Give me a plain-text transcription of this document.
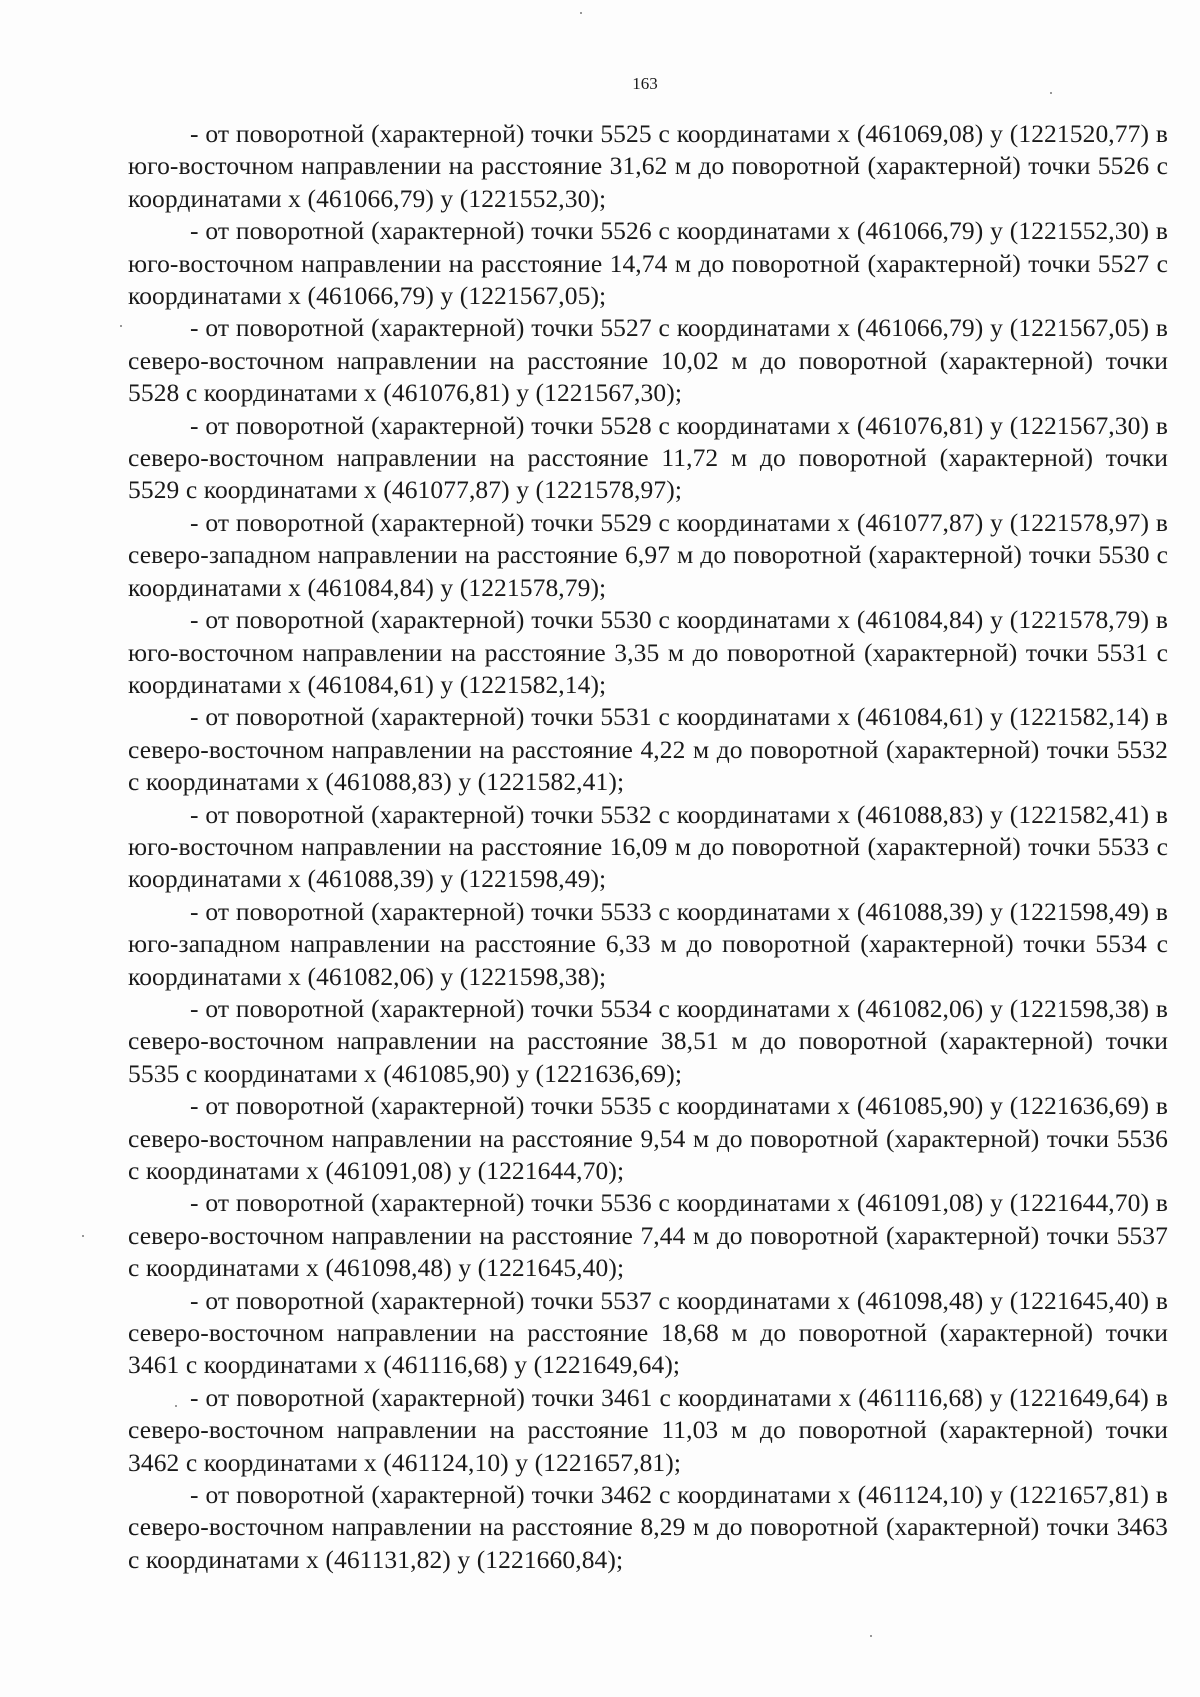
163

- от поворотной (характерной) точки 5525 с координатами х (461069,08) у (1221520,77) в юго-восточном направлении на расстояние 31,62 м до поворотной (характерной) точки 5526 с координатами х (461066,79) у (1221552,30);

- от поворотной (характерной) точки 5526 с координатами х (461066,79) у (1221552,30) в юго-восточном направлении на расстояние 14,74 м до поворотной (характерной) точки 5527 с координатами х (461066,79) у (1221567,05);

- от поворотной (характерной) точки 5527 с координатами х (461066,79) у (1221567,05) в северо-восточном направлении на расстояние 10,02 м до поворотной (характерной) точки 5528 с координатами х (461076,81) у (1221567,30);

- от поворотной (характерной) точки 5528 с координатами х (461076,81) у (1221567,30) в северо-восточном направлении на расстояние 11,72 м до поворотной (характерной) точки 5529 с координатами х (461077,87) у (1221578,97);

- от поворотной (характерной) точки 5529 с координатами х (461077,87) у (1221578,97) в северо-западном направлении на расстояние 6,97 м до поворотной (характерной) точки 5530 с координатами х (461084,84) у (1221578,79);

- от поворотной (характерной) точки 5530 с координатами х (461084,84) у (1221578,79) в юго-восточном направлении на расстояние 3,35 м до поворотной (характерной) точки 5531 с координатами х (461084,61) у (1221582,14);

- от поворотной (характерной) точки 5531 с координатами х (461084,61) у (1221582,14) в северо-восточном направлении на расстояние 4,22 м до поворотной (характерной) точки 5532 с координатами х (461088,83) у (1221582,41);

- от поворотной (характерной) точки 5532 с координатами х (461088,83) у (1221582,41) в юго-восточном направлении на расстояние 16,09 м до поворотной (характерной) точки 5533 с координатами х (461088,39) у (1221598,49);

- от поворотной (характерной) точки 5533 с координатами х (461088,39) у (1221598,49) в юго-западном направлении на расстояние 6,33 м до поворотной (характерной) точки 5534 с координатами х (461082,06) у (1221598,38);

- от поворотной (характерной) точки 5534 с координатами х (461082,06) у (1221598,38) в северо-восточном направлении на расстояние 38,51 м до поворотной (характерной) точки 5535 с координатами х (461085,90) у (1221636,69);

- от поворотной (характерной) точки 5535 с координатами х (461085,90) у (1221636,69) в северо-восточном направлении на расстояние 9,54 м до поворотной (характерной) точки 5536 с координатами х (461091,08) у (1221644,70);

- от поворотной (характерной) точки 5536 с координатами х (461091,08) у (1221644,70) в северо-восточном направлении на расстояние 7,44 м до поворотной (характерной) точки 5537 с координатами х (461098,48) у (1221645,40);

- от поворотной (характерной) точки 5537 с координатами х (461098,48) у (1221645,40) в северо-восточном направлении на расстояние 18,68 м до поворотной (характерной) точки 3461 с координатами х (461116,68) у (1221649,64);

- от поворотной (характерной) точки 3461 с координатами х (461116,68) у (1221649,64) в северо-восточном направлении на расстояние 11,03 м до поворотной (характерной) точки 3462 с координатами х (461124,10) у (1221657,81);

- от поворотной (характерной) точки 3462 с координатами х (461124,10) у (1221657,81) в северо-восточном направлении на расстояние 8,29 м до поворотной (характерной) точки 3463 с координатами х (461131,82) у (1221660,84);
